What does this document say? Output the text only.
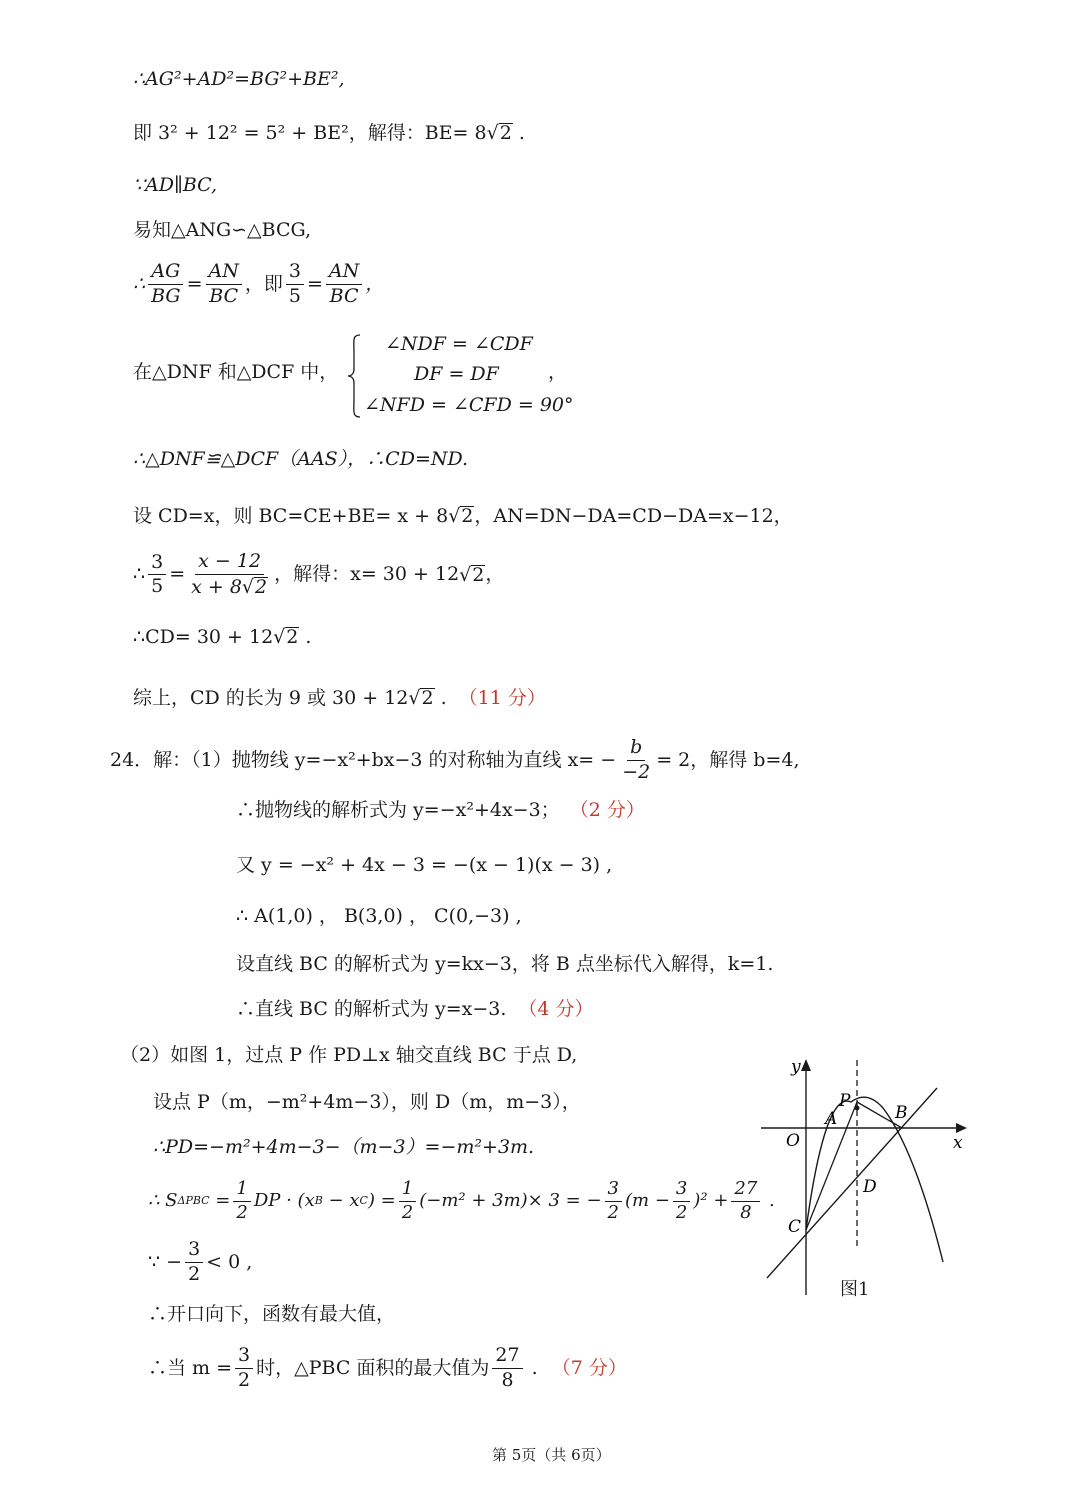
∴AG²+AD²=BG²+BE²,
即 3² + 12² = 5² + BE²，解得：BE= 8 √ 2 .
∵AD∥BC,
易知△ANG∽△BCG,
∴ $\frac{AG}{BG} = \frac{AN}{BC}$ ，即 $\frac{3}{5} = \frac{AN}{BC}$ ，
在△DNF 和△DCF 中，
∠NDF = ∠CDF
DF = DF
∠NFD = ∠CFD = 90°
，
∴△DNF≌△DCF（AAS），∴CD=ND.
设 CD=x，则 BC=CE+BE= x + 8 √ 2 ，AN=DN−DA=CD−DA=x−12，
∴ $\frac{3}{5} = \frac{x - 12}{x + 8√ 2}$ ，解得：x= 30 + 12 √ 2 ，
∴CD= 30 + 12 √ 2 .
综上，CD 的长为 9 或 30 + 12 √ 2 . （11 分）
24．解：（1）抛物线 y=−x²+bx−3 的对称轴为直线 $x= - \frac{b}{-2} = 2$，解得 b=4,
∴抛物线的解析式为 y=−x²+4x−3； （2 分）
又 y = −x² + 4x − 3 = −(x − 1)(x − 3) ,
∴ A(1,0) ， B(3,0) ， C(0,−3) ,
设直线 BC 的解析式为 y=kx−3，将 B 点坐标代入解得，k=1.
∴直线 BC 的解析式为 y=x−3. （4 分）
（2）如图 1，过点 P 作 PD⊥x 轴交直线 BC 于点 D,
设点 P（m，−m²+4m−3），则 D（m，m−3），
∴PD=−m²+4m−3−（m−3）=−m²+3m.
∴ S $\Delta PBC = \frac{1}{2}$ DP · (x B − x C ) = $\frac{1}{2} (-m^2 + 3m)\times 3$ = − $\frac{3}{2} (m - \frac{3}{2} )^2 + \frac{27}{8}$ .
∵ − $\frac{3}{2} < 0$ ,
∴开口向下，函数有最大值，
∴当 $m = \frac{3}{2}$ 时，△PBC 面积的最大值为 $\frac{27}{8}$ . （7 分）
y
x
O
A
P
B
C
D
图1
第 5页（共 6页）
